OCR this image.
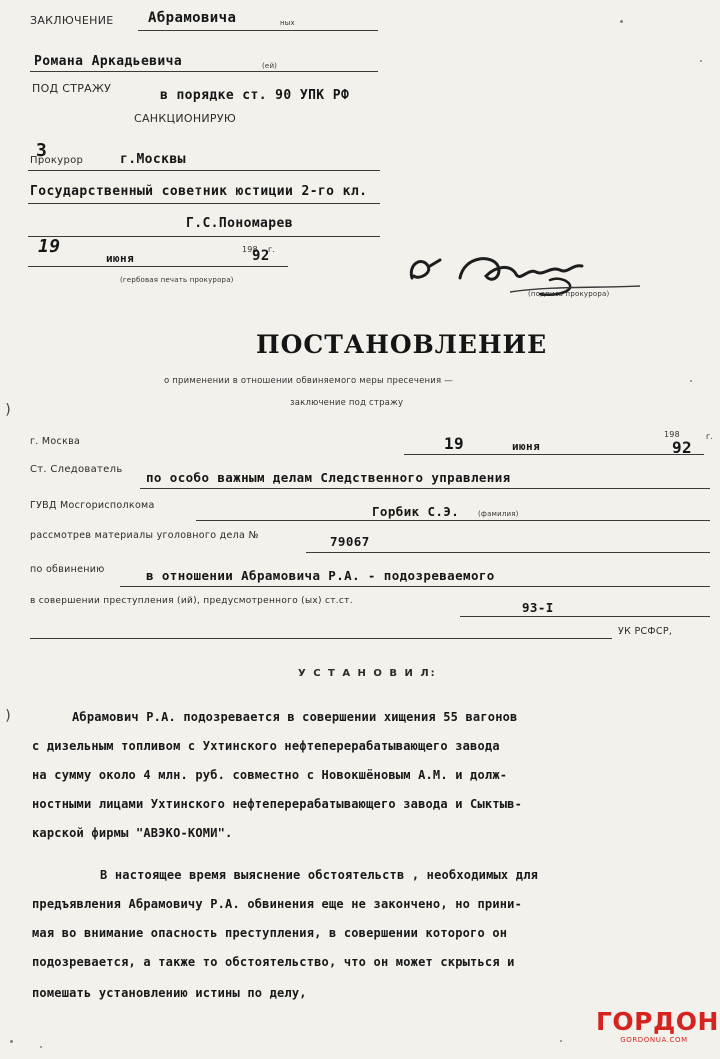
ЗАКЛЮЧЕНИЕ Абрамовича	ных
Романа Аркадьевича	(ей)
ПОД СТРАЖУ	в порядке ст. 90 УПК РФ
САНКЦИОНИРУЮ
З
Прокурор	г.Москвы
Государственный советник юстиции 2-го кл.
Г.С.Пономарев
19
июня
198 г.
92
(гербовая печать прокурора)
(подпись прокурора)
ПОСТАНОВЛЕНИЕ
о применении в отношении обвиняемого меры пресечения —
заключение под стражу
г. Москва	19	июня
198
92
г.
Ст. Следователь
по особо важным делам Следственного управления
ГУВД Мосгорисполкома	Горбик С.Э.	(фамилия)
рассмотрев материалы уголовного дела №	79067
по обвинению	в отношении Абрамовича Р.А. - подозреваемого
в совершении преступления (ий), предусмотренного (ых) ст.ст.	93-I
УК РСФСР,
У С Т А Н О В И Л:
Абрамович Р.А. подозревается в совершении хищения 55 вагонов
с дизельным топливом с Ухтинского нефтеперерабатывающего завода
на сумму около 4 млн. руб. совместно с Новокшёновым А.М. и долж-
ностными лицами Ухтинского нефтеперерабатывающего завода и Сыктыв-
карской фирмы "АВЭКО-КОМИ".
В настоящее время выяснение обстоятельств , необходимых для
предъявления Абрамовичу Р.А. обвинения еще не закончено, но прини-
мая во внимание опасность преступления, в совершении которого он
подозревается, а также то обстоятельство, что он может скрыться и
помешать установлению истины по делу,
)
)
ГОРДОН
GORDONUA.COM
